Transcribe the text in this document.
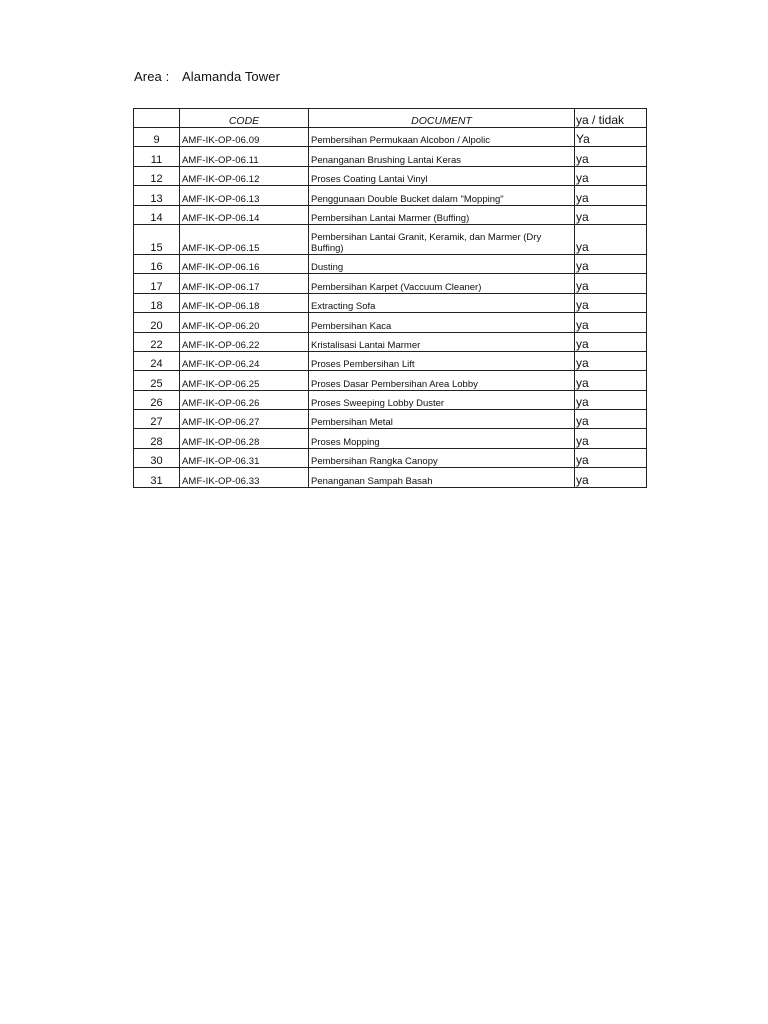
Area : Alamanda Tower
	CODE	DOCUMENT	ya / tidak
9	AMF-IK-OP-06.09	Pembersihan Permukaan Alcobon / Alpolic	Ya
11	AMF-IK-OP-06.11	Penanganan Brushing Lantai Keras	ya
12	AMF-IK-OP-06.12	Proses Coating Lantai Vinyl	ya
13	AMF-IK-OP-06.13	Penggunaan Double Bucket dalam "Mopping"	ya
14	AMF-IK-OP-06.14	Pembersihan Lantai Marmer (Buffing)	ya
15	AMF-IK-OP-06.15	Pembersihan Lantai Granit, Keramik, dan Marmer (Dry Buffing)	ya
16	AMF-IK-OP-06.16	Dusting	ya
17	AMF-IK-OP-06.17	Pembersihan Karpet (Vaccuum Cleaner)	ya
18	AMF-IK-OP-06.18	Extracting Sofa	ya
20	AMF-IK-OP-06.20	Pembersihan Kaca	ya
22	AMF-IK-OP-06.22	Kristalisasi Lantai Marmer	ya
24	AMF-IK-OP-06.24	Proses Pembersihan Lift	ya
25	AMF-IK-OP-06.25	Proses Dasar Pembersihan Area Lobby	ya
26	AMF-IK-OP-06.26	Proses Sweeping Lobby Duster	ya
27	AMF-IK-OP-06.27	Pembersihan Metal	ya
28	AMF-IK-OP-06.28	Proses Mopping	ya
30	AMF-IK-OP-06.31	Pembersihan Rangka Canopy	ya
31	AMF-IK-OP-06.33	Penanganan Sampah Basah	ya
